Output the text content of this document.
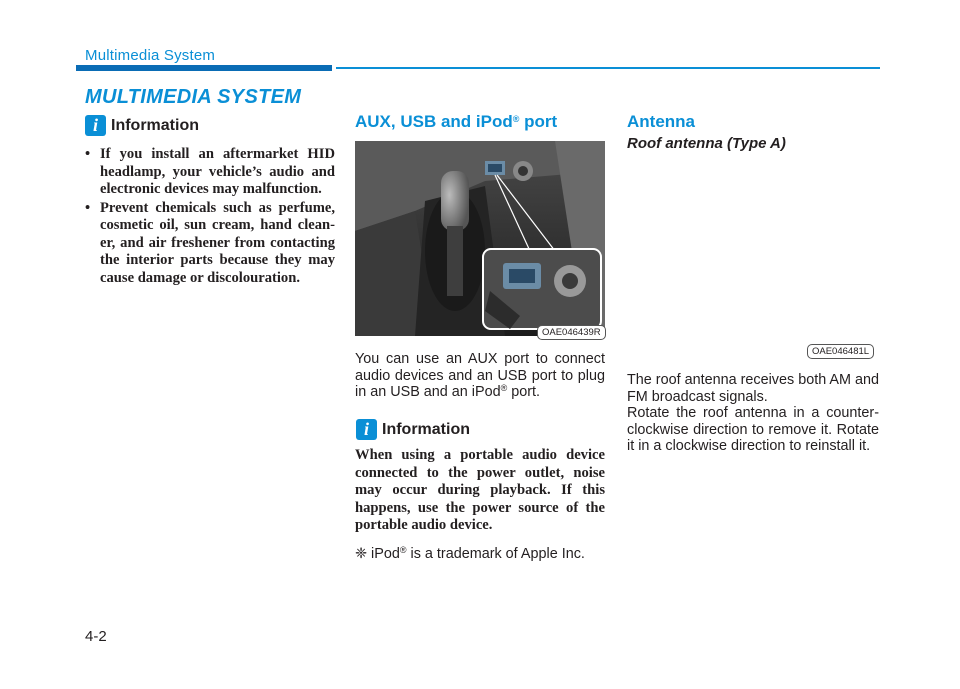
Multimedia System
MULTIMEDIA SYSTEM
i Information
• If you install an aftermarket HID headlamp, your vehicle’s audio and electronic devices may malfunction.
• Prevent chemicals such as perfume, cosmetic oil, sun cream, hand clean-er, and air freshener from contacting the interior parts because they may cause damage or discolouration.
AUX, USB and iPod® port
OAE046439R
You can use an AUX port to connect audio devices and an USB port to plug in an USB and an iPod® port.
i Information
When using a portable audio device connected to the power outlet, noise may occur during playback. If this happens, use the power source of the portable audio device.
❈ iPod® is a trademark of Apple Inc.
Antenna
Roof antenna (Type A)
OAE046481L
The roof antenna receives both AM and FM broadcast signals.
Rotate the roof antenna in a counter-clockwise direction to remove it. Rotate it in a clockwise direction to reinstall it.
4-2
